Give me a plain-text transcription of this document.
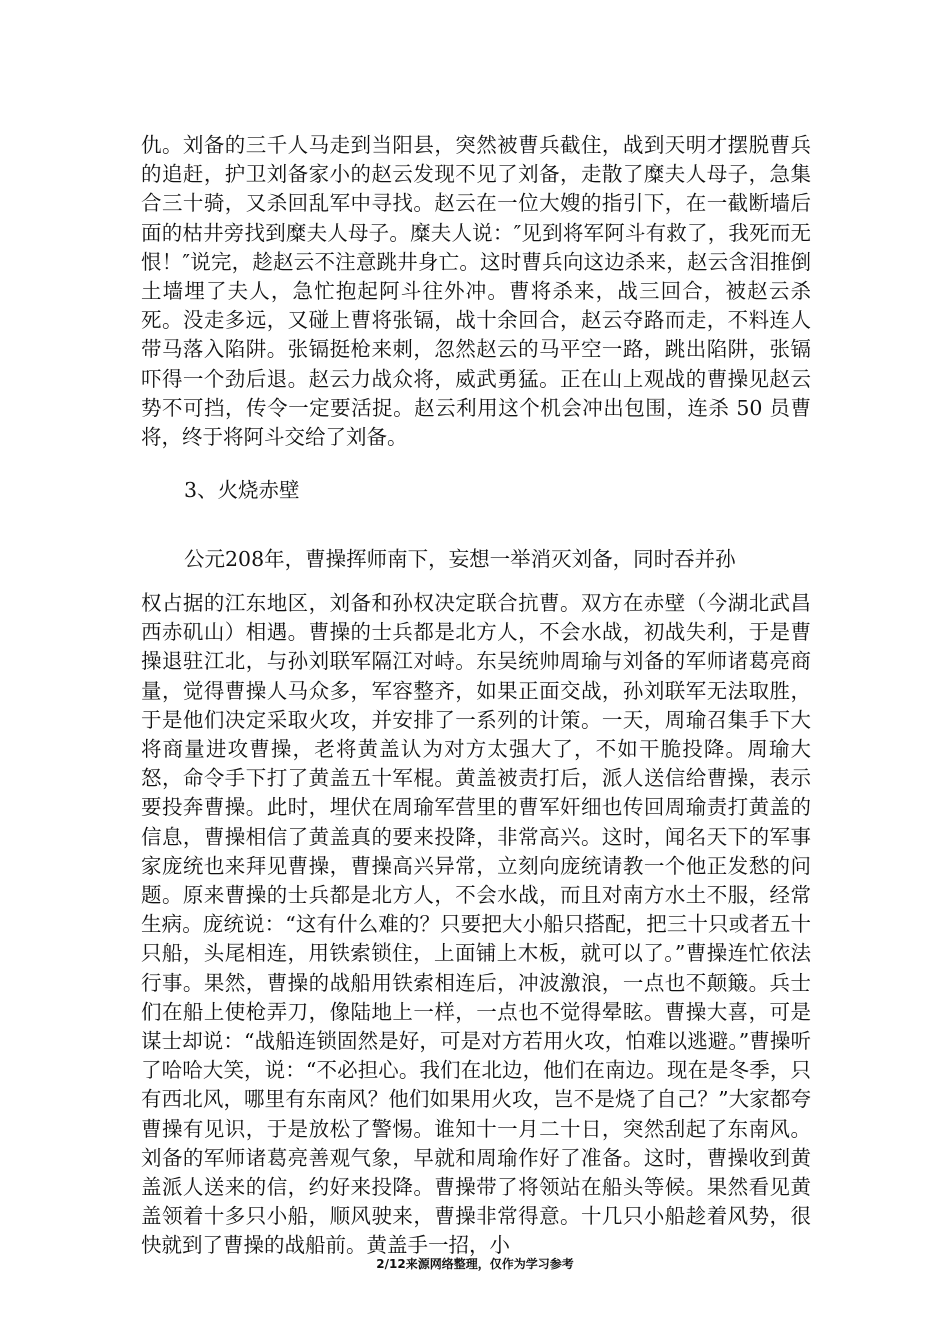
仇。刘备的三千人马走到当阳县，突然被曹兵截住，战到天明才摆脱曹兵的追赶，护卫刘备家小的赵云发现不见了刘备，走散了糜夫人母子，急集合三十骑，又杀回乱军中寻找。赵云在一位大嫂的指引下，在一截断墙后面的枯井旁找到糜夫人母子。糜夫人说：″见到将军阿斗有救了，我死而无恨！″说完，趁赵云不注意跳井身亡。这时曹兵向这边杀来，赵云含泪推倒土墙埋了夫人，急忙抱起阿斗往外冲。曹将杀来，战三回合，被赵云杀死。没走多远，又碰上曹将张镉，战十余回合，赵云夺路而走，不料连人带马落入陷阱。张镉挺枪来刺，忽然赵云的马平空一路，跳出陷阱，张镉吓得一个劲后退。赵云力战众将，威武勇猛。正在山上观战的曹操见赵云势不可挡，传令一定要活捉。赵云利用这个机会冲出包围，连杀 50 员曹将，终于将阿斗交给了刘备。

3、火烧赤壁

公元208年，曹操挥师南下，妄想一举消灭刘备，同时吞并孙

权占据的江东地区，刘备和孙权决定联合抗曹。双方在赤壁（今湖北武昌西赤矶山）相遇。曹操的士兵都是北方人，不会水战，初战失利，于是曹操退驻江北，与孙刘联军隔江对峙。东吴统帅周瑜与刘备的军师诸葛亮商量，觉得曹操人马众多，军容整齐，如果正面交战，孙刘联军无法取胜，于是他们决定采取火攻，并安排了一系列的计策。一天，周瑜召集手下大将商量进攻曹操，老将黄盖认为对方太强大了，不如干脆投降。周瑜大怒，命令手下打了黄盖五十军棍。黄盖被责打后，派人送信给曹操，表示要投奔曹操。此时，埋伏在周瑜军营里的曹军奸细也传回周瑜责打黄盖的信息，曹操相信了黄盖真的要来投降，非常高兴。这时，闻名天下的军事家庞统也来拜见曹操，曹操高兴异常，立刻向庞统请教一个他正发愁的问题。原来曹操的士兵都是北方人，不会水战，而且对南方水土不服，经常生病。庞统说：“这有什么难的？只要把大小船只搭配，把三十只或者五十只船，头尾相连，用铁索锁住，上面铺上木板，就可以了。”曹操连忙依法行事。果然，曹操的战船用铁索相连后，冲波激浪，一点也不颠簸。兵士们在船上使枪弄刀，像陆地上一样，一点也不觉得晕眩。曹操大喜，可是谋士却说：“战船连锁固然是好，可是对方若用火攻，怕难以逃避。”曹操听了哈哈大笑，说：“不必担心。我们在北边，他们在南边。现在是冬季，只有西北风，哪里有东南风？他们如果用火攻，岂不是烧了自己？”大家都夸曹操有见识，于是放松了警惕。谁知十一月二十日，突然刮起了东南风。刘备的军师诸葛亮善观气象，早就和周瑜作好了准备。这时，曹操收到黄盖派人送来的信，约好来投降。曹操带了将领站在船头等候。果然看见黄盖领着十多只小船，顺风驶来，曹操非常得意。十几只小船趁着风势，很快就到了曹操的战船前。黄盖手一招，小

2/12来源网络整理，仅作为学习参考
